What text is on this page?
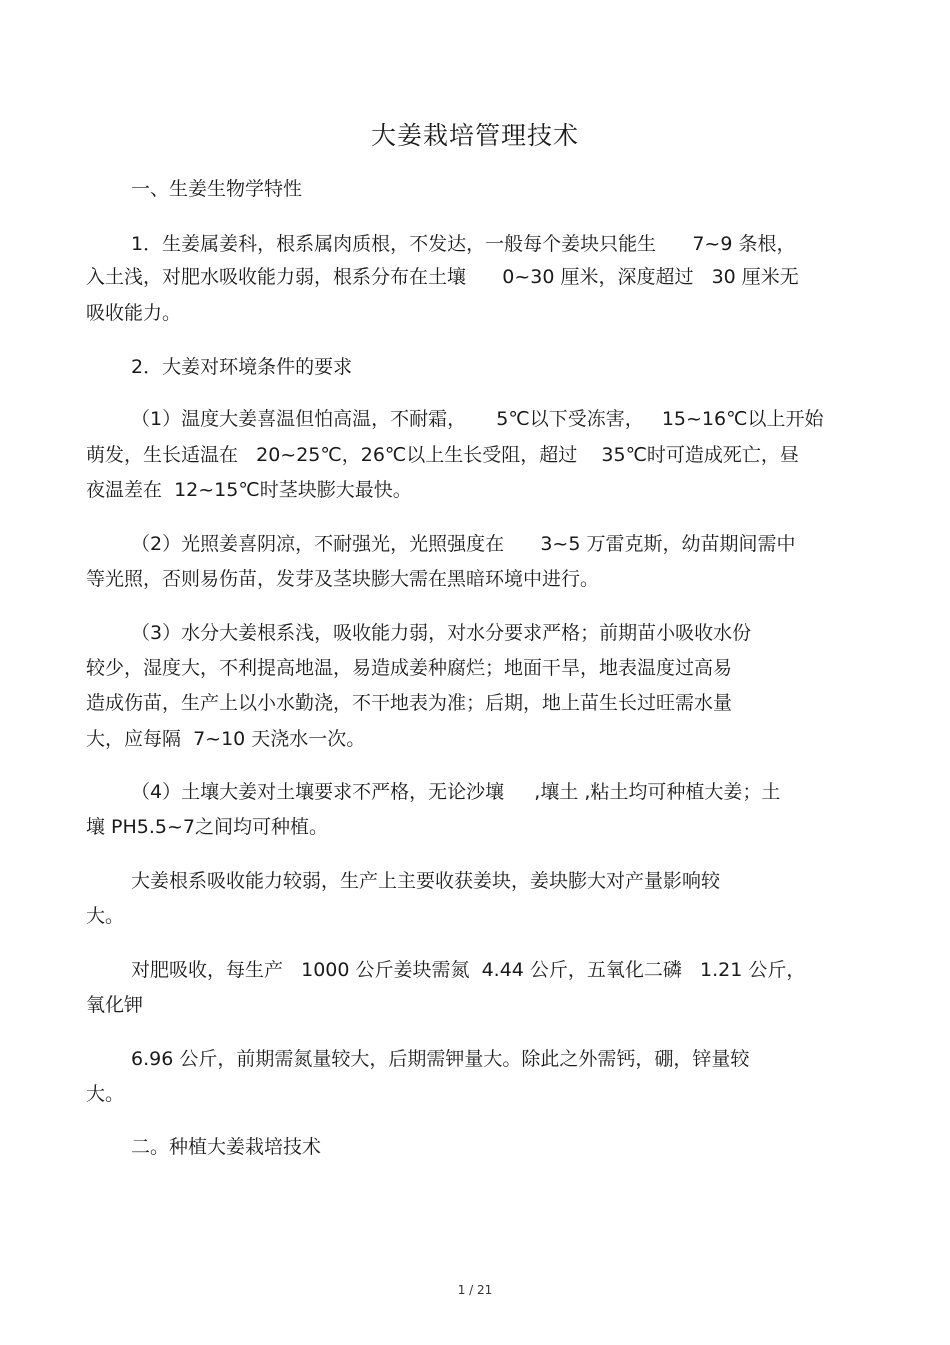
大姜栽培管理技术
一、生姜生物学特性
1．生姜属姜科，根系属肉质根，不发达，一般每个姜块只能生      7~9 条根，
入土浅，对肥水吸收能力弱，根系分布在土壤      0~30 厘米，深度超过   30 厘米无
吸收能力。
2．大姜对环境条件的要求
（1）温度大姜喜温但怕高温，不耐霜，     5℃以下受冻害，   15~16℃以上开始
萌发，生长适温在   20~25℃，26℃以上生长受阻，超过    35℃时可造成死亡，昼
夜温差在  12~15℃时茎块膨大最快。
（2）光照姜喜阴凉，不耐强光，光照强度在      3~5 万雷克斯，幼苗期间需中
等光照，否则易伤苗，发芽及茎块膨大需在黑暗环境中进行。
（3）水分大姜根系浅，吸收能力弱，对水分要求严格；前期苗小吸收水份
较少，湿度大，不利提高地温，易造成姜种腐烂；地面干旱，地表温度过高易
造成伤苗，生产上以小水勤浇，不干地表为准；后期，地上苗生长过旺需水量
大，应每隔  7~10 天浇水一次。
（4）土壤大姜对土壤要求不严格，无论沙壤     ,壤土 ,粘土均可种植大姜；土
壤 PH5.5~7之间均可种植。
大姜根系吸收能力较弱，生产上主要收获姜块，姜块膨大对产量影响较
大。
对肥吸收，每生产   1000 公斤姜块需氮  4.44 公斤，五氧化二磷   1.21 公斤，
氧化钾
6.96 公斤，前期需氮量较大，后期需钾量大。除此之外需钙，硼，锌量较
大。
二。种植大姜栽培技术
1 / 21
